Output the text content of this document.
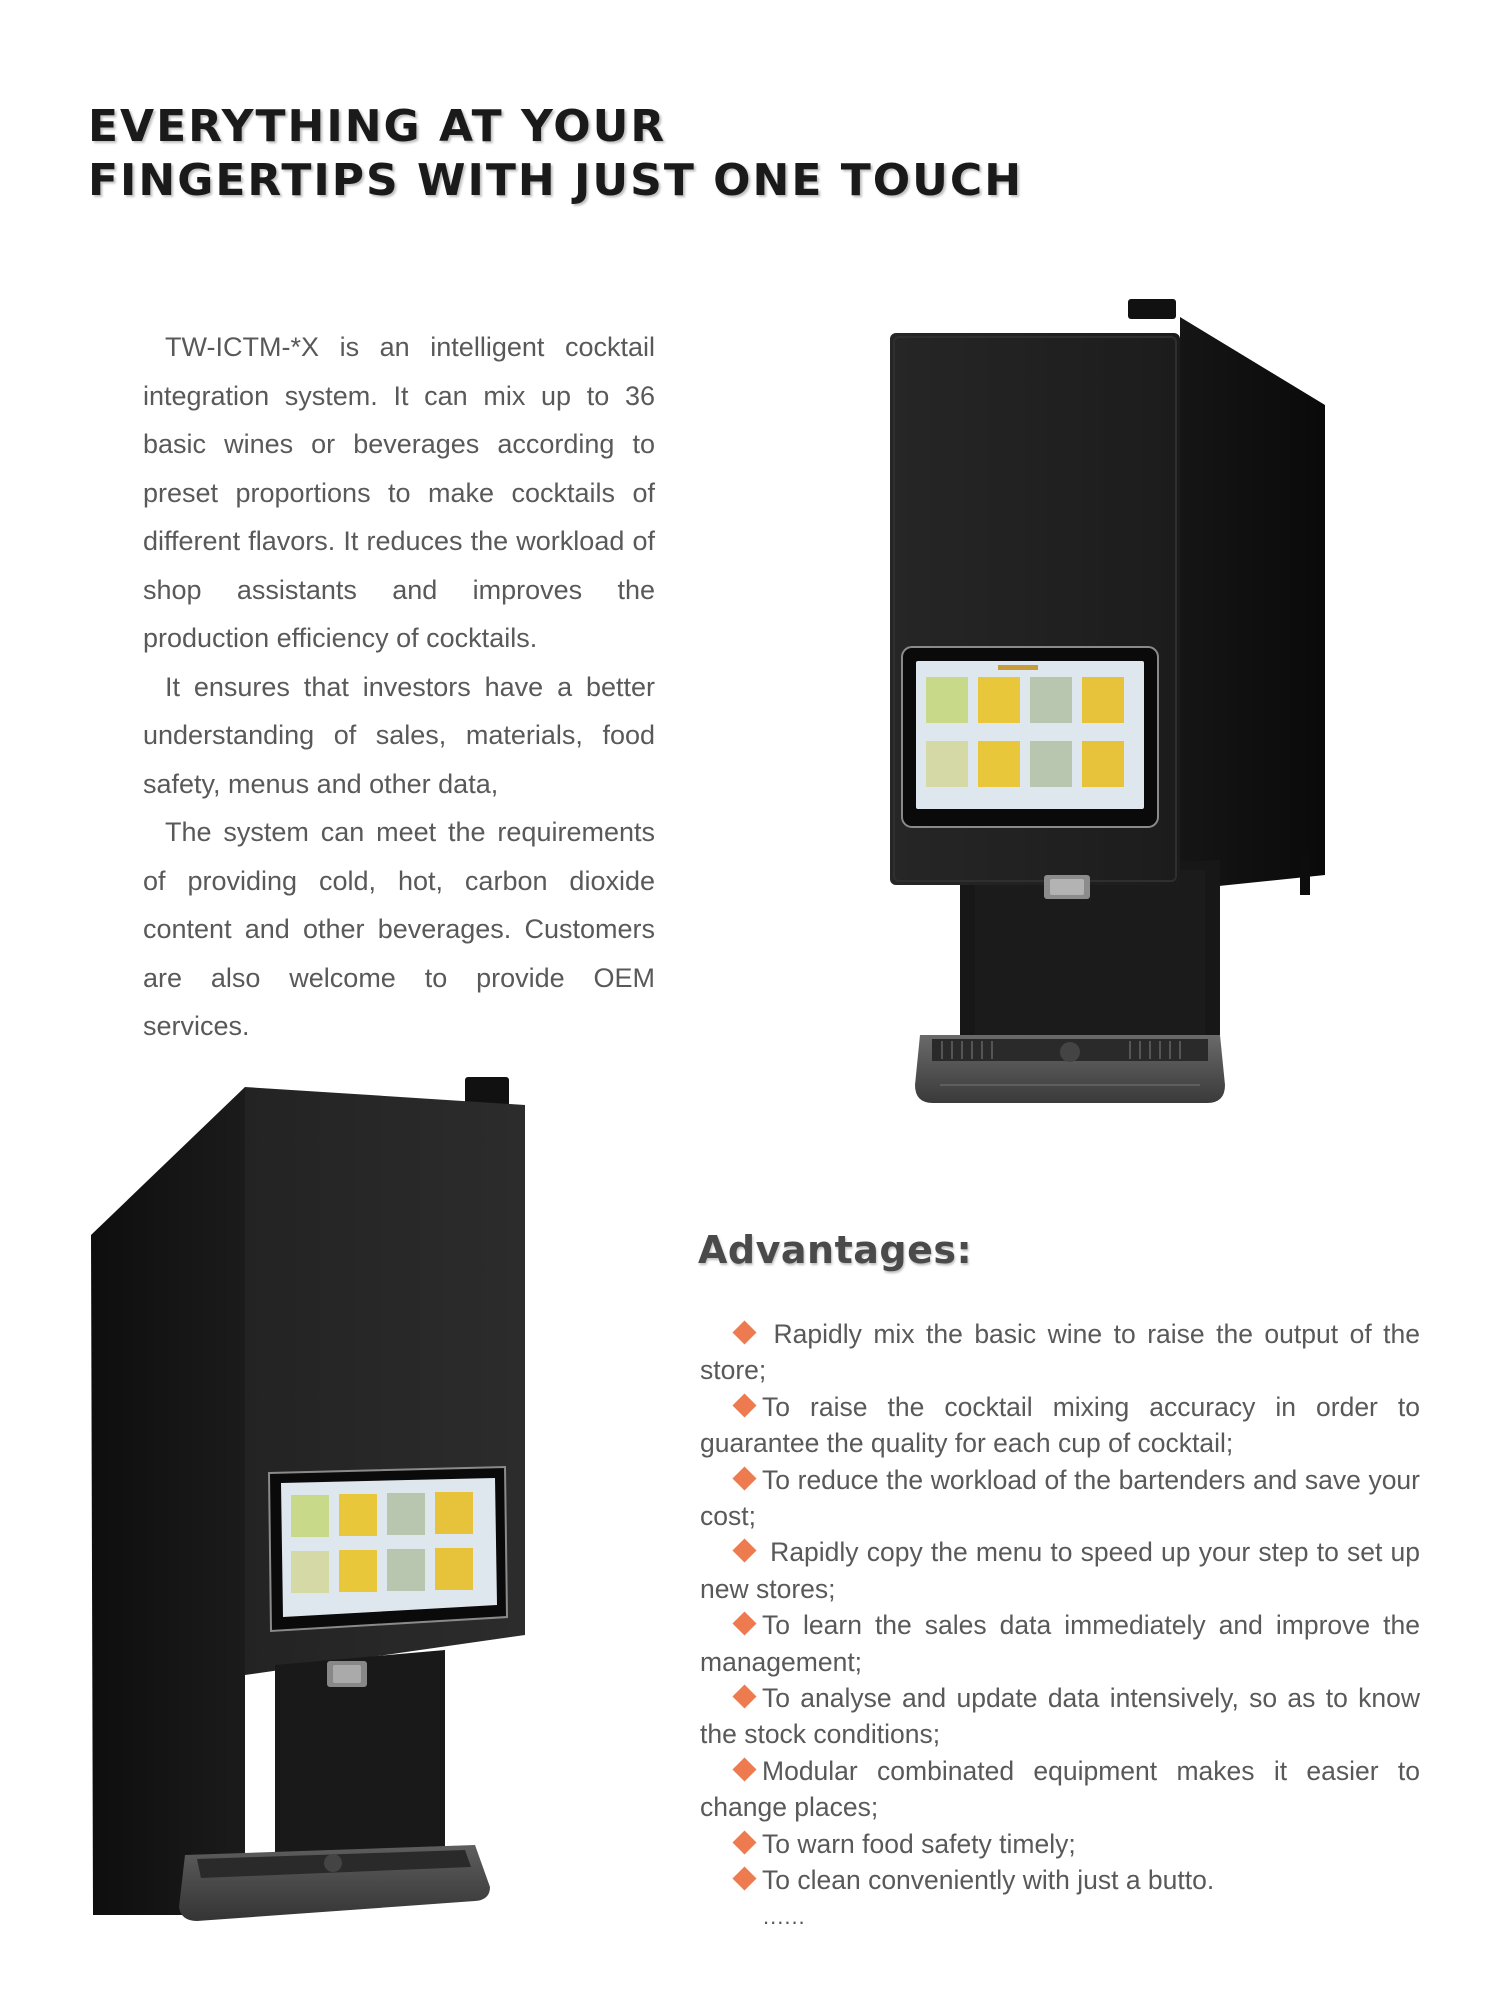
EVERYTHING AT YOUR
FINGERTIPS WITH JUST ONE TOUCH

TW-ICTM-*X is an intelligent cocktail integration system. It can mix up to 36 basic wines or beverages according to preset proportions to make cocktails of different flavors. It reduces the workload of shop assistants and improves the production efficiency of cocktails.

It ensures that investors have a better understanding of sales, materials, food safety, menus and other data,

The system can meet the requirements of providing cold, hot, carbon dioxide content and other beverages. Customers are also welcome to provide OEM services.

Advantages:
Rapidly mix the basic wine to raise the output of the store;
To raise the cocktail mixing accuracy in order to guarantee the quality for each cup of cocktail;
To reduce the workload of the bartenders and save your cost;
Rapidly copy the menu to speed up your step to set up new stores;
To learn the sales data immediately and improve the management;
To analyse and update data intensively, so as to know the stock conditions;
Modular combinated equipment makes it easier to change places;
To warn food safety timely;
To clean conveniently with just a butto.
......
